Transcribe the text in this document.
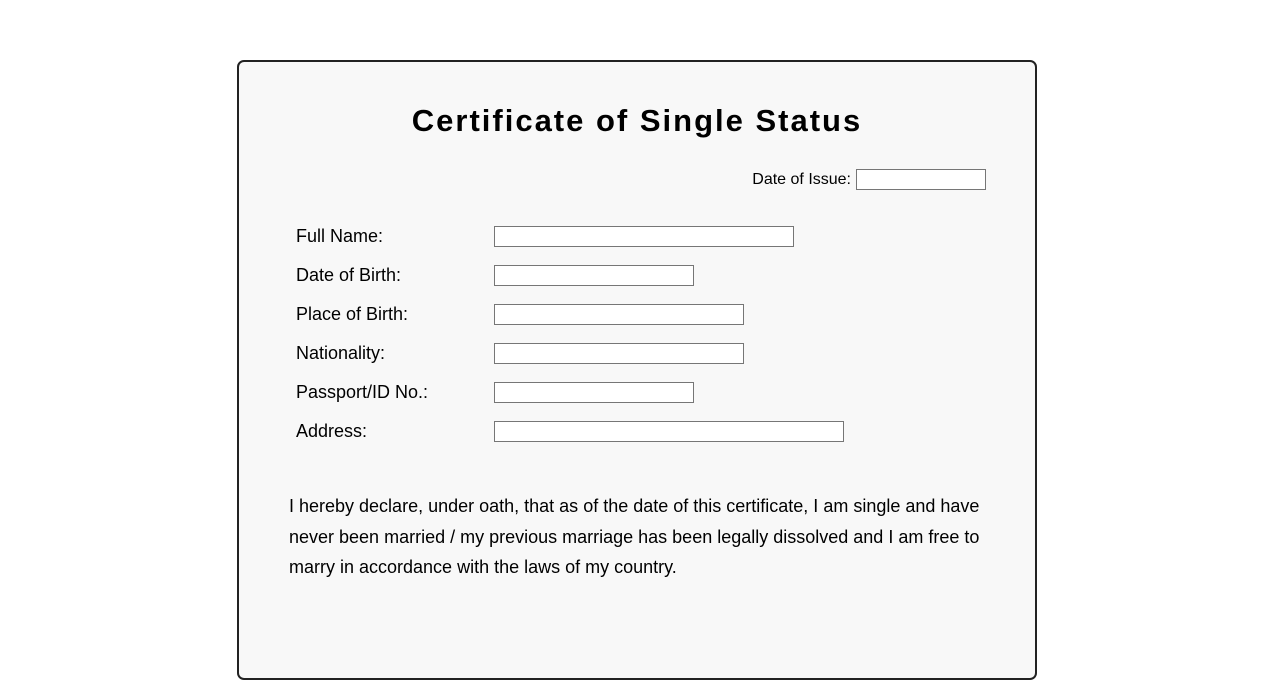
Certificate of Single Status
Date of Issue:
Full Name:
Date of Birth:
Place of Birth:
Nationality:
Passport/ID No.:
Address:

I hereby declare, under oath, that as of the date of this certificate, I am single and have never been married / my previous marriage has been legally dissolved and I am free to marry in accordance with the laws of my country.
